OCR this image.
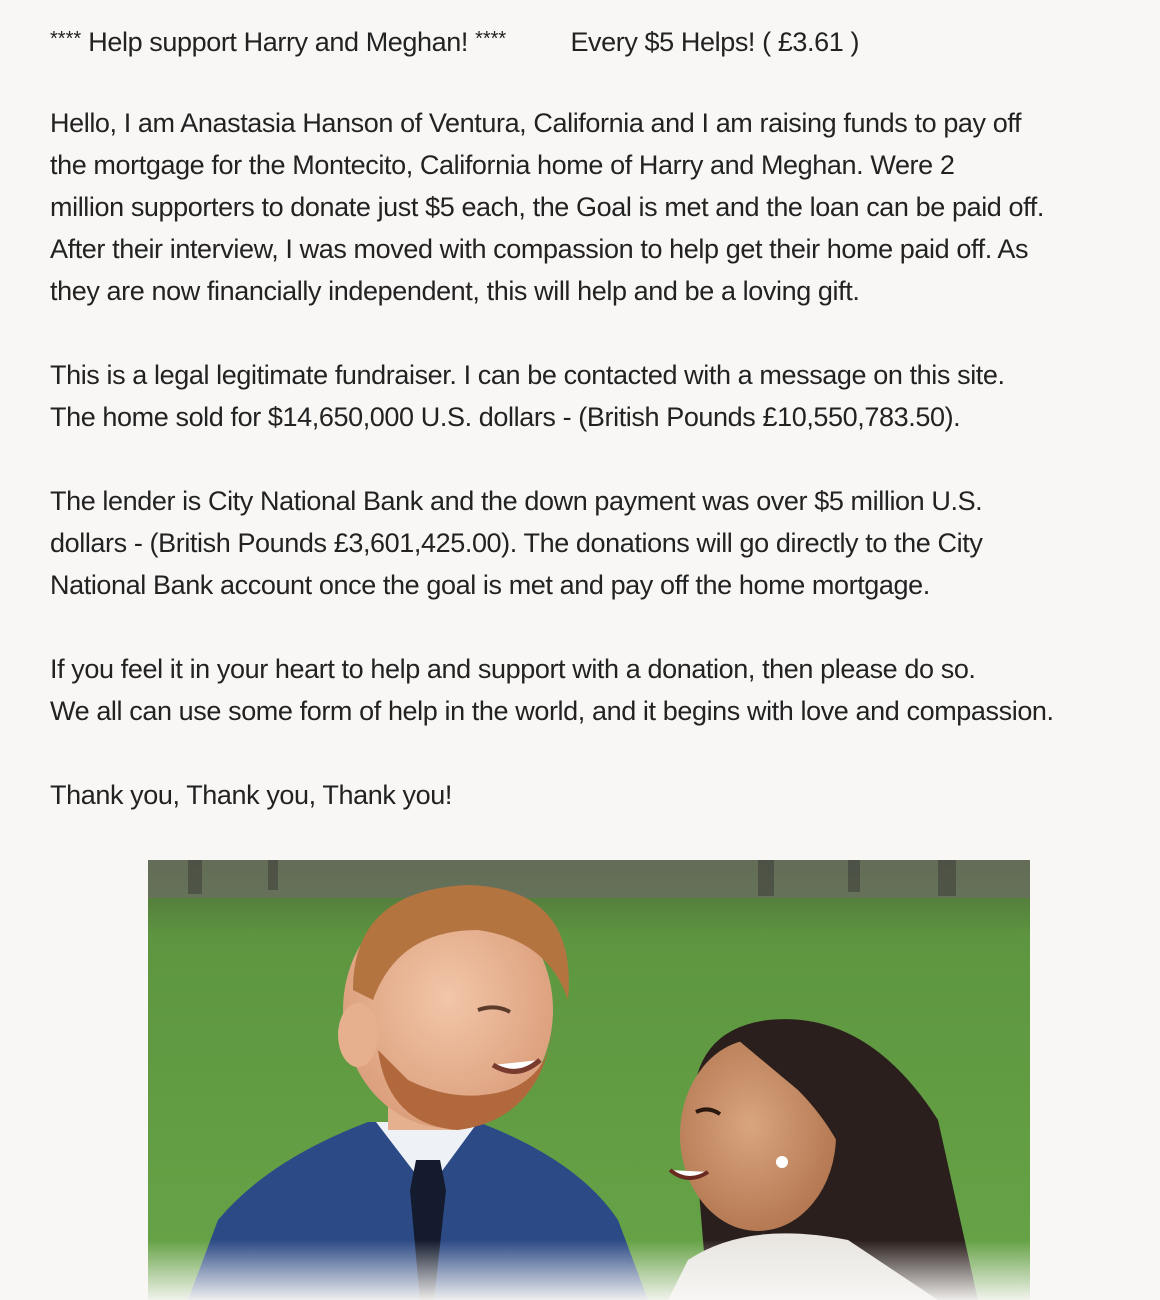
**** Help support Harry and Meghan! **** Every $5 Helps! ( £3.61 )

Hello, I am Anastasia Hanson of Ventura, California and I am raising funds to pay off
the mortgage for the Montecito, California home of Harry and Meghan. Were 2
million supporters to donate just $5 each, the Goal is met and the loan can be paid off.
After their interview, I was moved with compassion to help get their home paid off. As
they are now financially independent, this will help and be a loving gift.

This is a legal legitimate fundraiser. I can be contacted with a message on this site.
The home sold for $14,650,000 U.S. dollars - (British Pounds £10,550,783.50).

The lender is City National Bank and the down payment was over $5 million U.S.
dollars - (British Pounds £3,601,425.00). The donations will go directly to the City
National Bank account once the goal is met and pay off the home mortgage.

If you feel it in your heart to help and support with a donation, then please do so.
We all can use some form of help in the world, and it begins with love and compassion.

Thank you, Thank you, Thank you!
